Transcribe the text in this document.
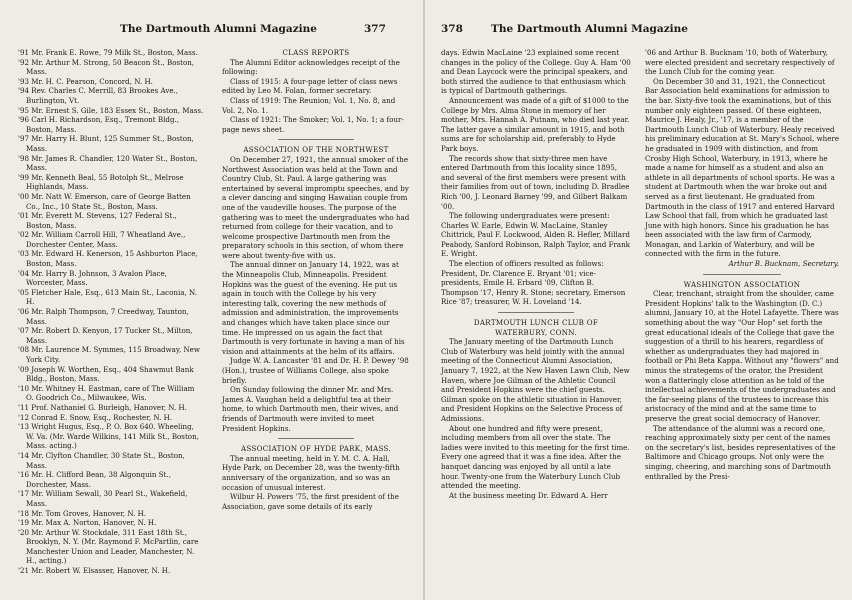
The Dartmouth Alumni Magazine	377

'91 Mr. Frank E. Rowe, 79 Milk St., Boston, Mass.

'92 Mr. Arthur M. Strong, 50 Beacon St., Boston, Mass.

'93 Mr. H. C. Pearson, Concord, N. H.

'94 Rev. Charles C. Merrill, 83 Brookes Ave., Burlington, Vt.

'95 Mr. Ernest S. Gile, 183 Essex St., Boston, Mass.

'96 Carl H. Richardson, Esq., Tremont Bldg., Boston, Mass.

'97 Mr. Harry H. Blunt, 125 Summer St., Boston, Mass.

'98 Mr. James R. Chandler, 120 Water St., Boston, Mass.

'99 Mr. Kenneth Beal, 55 Botolph St., Melrose Highlands, Mass.

'00 Mr. Natt W. Emerson, care of George Batten Co., Inc., 10 State St., Boston, Mass.

'01 Mr. Everett M. Stevens, 127 Federal St., Boston, Mass.

'02 Mr. William Carroll Hill, 7 Wheatland Ave., Dorchester Center, Mass.

'03 Mr. Edward H. Kenerson, 15 Ashburton Place, Boston, Mass.

'04 Mr. Harry B. Johnson, 3 Avalon Place, Worcester, Mass.

'05 Fletcher Hale, Esq., 613 Main St., Laconia, N. H.

'06 Mr. Ralph Thompson, 7 Creedway, Taunton, Mass.

'07 Mr. Robert D. Kenyon, 17 Tucker St., Milton, Mass.

'08 Mr. Laurence M. Symmes, 115 Broadway, New York City.

'09 Joseph W. Worthen, Esq., 404 Shawmut Bank Bldg., Boston, Mass.

'10 Mr. Whitney H. Eastman, care of The William O. Goodrich Co., Milwaukee, Wis.

'11 Prof. Nathaniel G. Burleigh, Hanover, N. H.

'12 Conrad E. Snow, Esq., Rochester, N. H.

'13 Wright Hugus, Esq., P. O. Box 640. Wheeling, W. Va. (Mr. Warde Wilkins, 141 Milk St., Boston, Mass. acting.)

'14 Mr. Clyfton Chandler, 30 State St., Boston, Mass.

'16 Mr. H. Clifford Bean, 38 Algonquin St., Dorchester, Mass.

'17 Mr. William Sewall, 30 Pearl St., Wakefield, Mass.

'18 Mr. Tom Groves, Hanover, N. H.

'19 Mr. Max A. Norton, Hanover, N. H.

'20 Mr. Arthur W. Stockdale, 311 East 18th St., Brooklyn, N. Y. (Mr. Raymond F. McPartlin, care Manchester Union and Leader, Manchester, N. H., acting.)

'21 Mr. Robert W. Elsasser, Hanover, N. H.

CLASS REPORTS

The Alumni Editor acknowledges receipt of the following:

Class of 1915: A four-page letter of class news edited by Leo M. Folan, former secretary.

Class of 1919: The Reunion; Vol. 1, No. 8, and Vol. 2, No. 1.

Class of 1921: The Smoker; Vol. 1, No. 1; a four-page news sheet.

ASSOCIATION OF THE NORTHWEST

On December 27, 1921, the annual smoker of the Northwest Association was held at the Town and Country Club, St. Paul. A large gathering was entertained by several impromptu speeches, and by a clever dancing and singing Hawaiian couple from one of the vaudeville houses. The purpose of the gathering was to meet the undergraduates who had returned from college for their vacation, and to welcome prospective Dartmouth men from the preparatory schools in this section, of whom there were about twenty-five with us.

The annual dinner on January 14, 1922, was at the Minneapolis Club, Minneapolis. President Hopkins was the guest of the evening. He put us again in touch with the College by his very interesting talk, covering the new methods of admission and administration, the improvements and changes which have taken place since our time. He impressed on us again the fact that Dartmouth is very fortunate in having a man of his vision and attainments at the helm of its affairs.

Judge W. A. Lancaster '81 and Dr. H. P. Dewey '98 (Hon.), trustee of Williams College, also spoke briefly.

On Sunday following the dinner Mr. and Mrs. James A. Vaughan held a delightful tea at their home, to which Dartmouth men, their wives, and friends of Dartmouth were invited to meet President Hopkins.

ASSOCIATION OF HYDE PARK, MASS.

The annual meeting, held in Y. M. C. A. Hall, Hyde Park, on December 28, was the twenty-fifth anniversary of the organization, and so was an occasion of unusual interest.

Wilbur H. Powers '75, the first president of the Association, gave some details of its early

378	The Dartmouth Alumni Magazine

days. Edwin MacLaine '23 explained some recent changes in the policy of the College. Guy A. Ham '00 and Dean Laycock were the principal speakers, and both stirred the audience to that enthusiasm which is typical of Dartmouth gatherings.

Announcement was made of a gift of $1000 to the College by Mrs. Alma Stone in memory of her mother, Mrs. Hannah A. Putnam, who died last year. The latter gave a similar amount in 1915, and both sums are for scholarship aid, preferably to Hyde Park boys.

The records show that sixty-three men have entered Dartmouth from this locality since 1895, and several of the first members were present with their families from out of town, including D. Bradlee Rich '00, J. Leonard Barney '99, and Gilbert Balkam '00.

The following undergraduates were present: Charles W. Earle, Edwin W. MacLaine, Stanley Chittrick, Paul F. Lockwood, Alden R. Hefler, Millard Peabody, Sanford Robinson, Ralph Taylor, and Frank E. Wright.

The election of officers resulted as follows: President, Dr. Clarence E. Bryant '01; vice-presidents, Emile H. Erbard '09, Clifton B. Thompson '17, Henry R. Stone; secretary, Emerson Rice '87; treasurer, W. H. Loveland '14.

DARTMOUTH LUNCH CLUB OF

WATERBURY, CONN.

The January meeting of the Dartmouth Lunch Club of Waterbury was held jointly with the annual meeting of the Connecticut Alumni Association, January 7, 1922, at the New Haven Lawn Club, New Haven, where Joe Gilman of the Athletic Council and President Hopkins were the chief guests. Gilman spoke on the athletic situation in Hanover, and President Hopkins on the Selective Process of Admissions.

About one hundred and fifty were present, including members from all over the state. The ladies were invited to this meeting for the first time. Every one agreed that it was a fine idea. After the banquet dancing was enjoyed by all until a late hour. Twenty-one from the Waterbury Lunch Club attended the meeting.

At the business meeting Dr. Edward A. Herr

'06 and Arthur B. Bucknam '10, both of Waterbury, were elected president and secretary respectively of the Lunch Club for the coming year.

On December 30 and 31, 1921, the Connecticut Bar Association held examinations for admission to the bar. Sixty-five took the examinations, but of this number only eighteen passed. Of these eighteen, Maurice J. Healy, Jr., '17, is a member of the Dartmouth Lunch Club of Waterbury. Healy received his preliminary education at St. Mary's School, where he graduated in 1909 with distinction, and from Crosby High School, Waterbury, in 1913, where he made a name for himself as a student and also an athlete in all departments of school sports. He was a student at Dartmouth when the war broke out and served as a first lieutenant. He graduated from Dartmouth in the class of 1917 and entered Harvard Law School that fall, from which he graduated last June with high honors. Since his graduation he has been associated with the law firm of Carmody, Monagan, and Larkin of Waterbury, and will be connected with the firm in the future.

Arthur B. Bucknam, Secretary.

WASHINGTON ASSOCIATION

Clear, trenchant, straight from the shoulder, came President Hopkins' talk to the Washington (D. C.) alumni, January 10, at the Hotel Lafayette. There was something about the way "Our Hop" set forth the great educational ideals of the College that gave the suggestion of a thrill to his hearers, regardless of whether as undergraduates they had majored in football or Phi Beta Kappa. Without any "flowers" and minus the strategems of the orator, the President won a flatteringly close attention as he told of the intellectual achievements of the undergraduates and the far-seeing plans of the trustees to increase this aristocracy of the mind and at the same time to preserve the great social democracy of Hanover.

The attendance of the alumni was a record one, reaching approximately sixty per cent of the names on the secretary's list, besides representatives of the Baltimore and Chicago groups. Not only were the singing, cheering, and marching sons of Dartmouth enthralled by the Presi-
